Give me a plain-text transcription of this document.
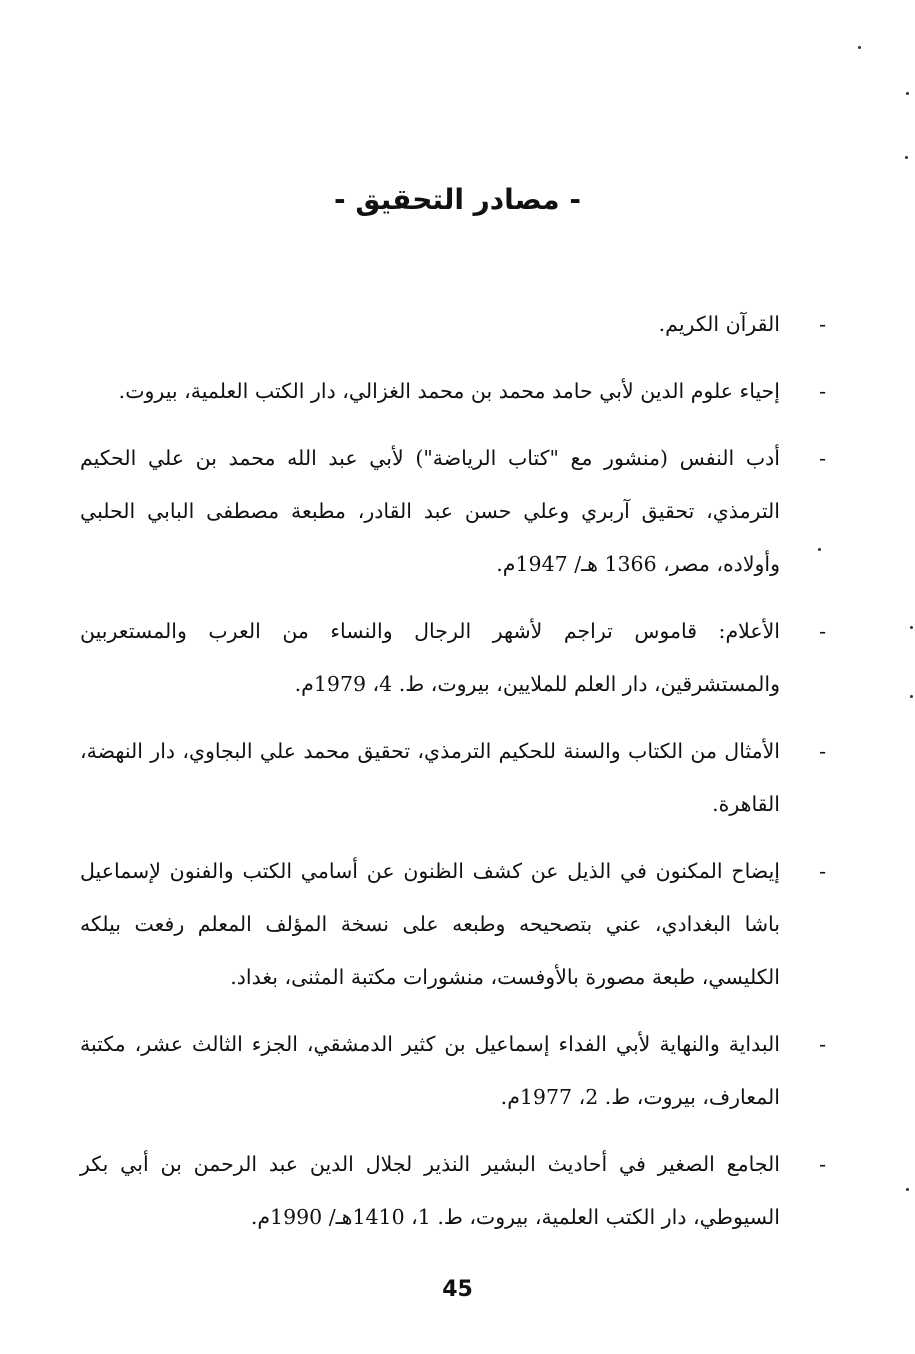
- مصادر التحقيق -
-
القرآن الكريم.
-
إحياء علوم الدين لأبي حامد محمد بن محمد الغزالي، دار الكتب العلمية، بيروت.
-
أدب النفس (منشور مع "كتاب الرياضة") لأبي عبد الله محمد بن علي الحكيم الترمذي، تحقيق آربري وعلي حسن عبد القادر، مطبعة مصطفى البابي الحلبي وأولاده، مصر، 1366 هـ/ 1947م.
-
الأعلام: قاموس تراجم لأشهر الرجال والنساء من العرب والمستعربين والمستشرقين، دار العلم للملايين، بيروت، ط. 4، 1979م.
-
الأمثال من الكتاب والسنة للحكيم الترمذي، تحقيق محمد علي البجاوي، دار النهضة، القاهرة.
-
إيضاح المكنون في الذيل عن كشف الظنون عن أسامي الكتب والفنون لإسماعيل باشا البغدادي، عني بتصحيحه وطبعه على نسخة المؤلف المعلم رفعت بيلكه الكليسي، طبعة مصورة بالأوفست، منشورات مكتبة المثنى، بغداد.
-
البداية والنهاية لأبي الفداء إسماعيل بن كثير الدمشقي، الجزء الثالث عشر، مكتبة المعارف، بيروت، ط. 2، 1977م.
-
الجامع الصغير في أحاديث البشير النذير لجلال الدين عبد الرحمن بن أبي بكر السيوطي، دار الكتب العلمية، بيروت، ط. 1، 1410هـ/ 1990م.
45
